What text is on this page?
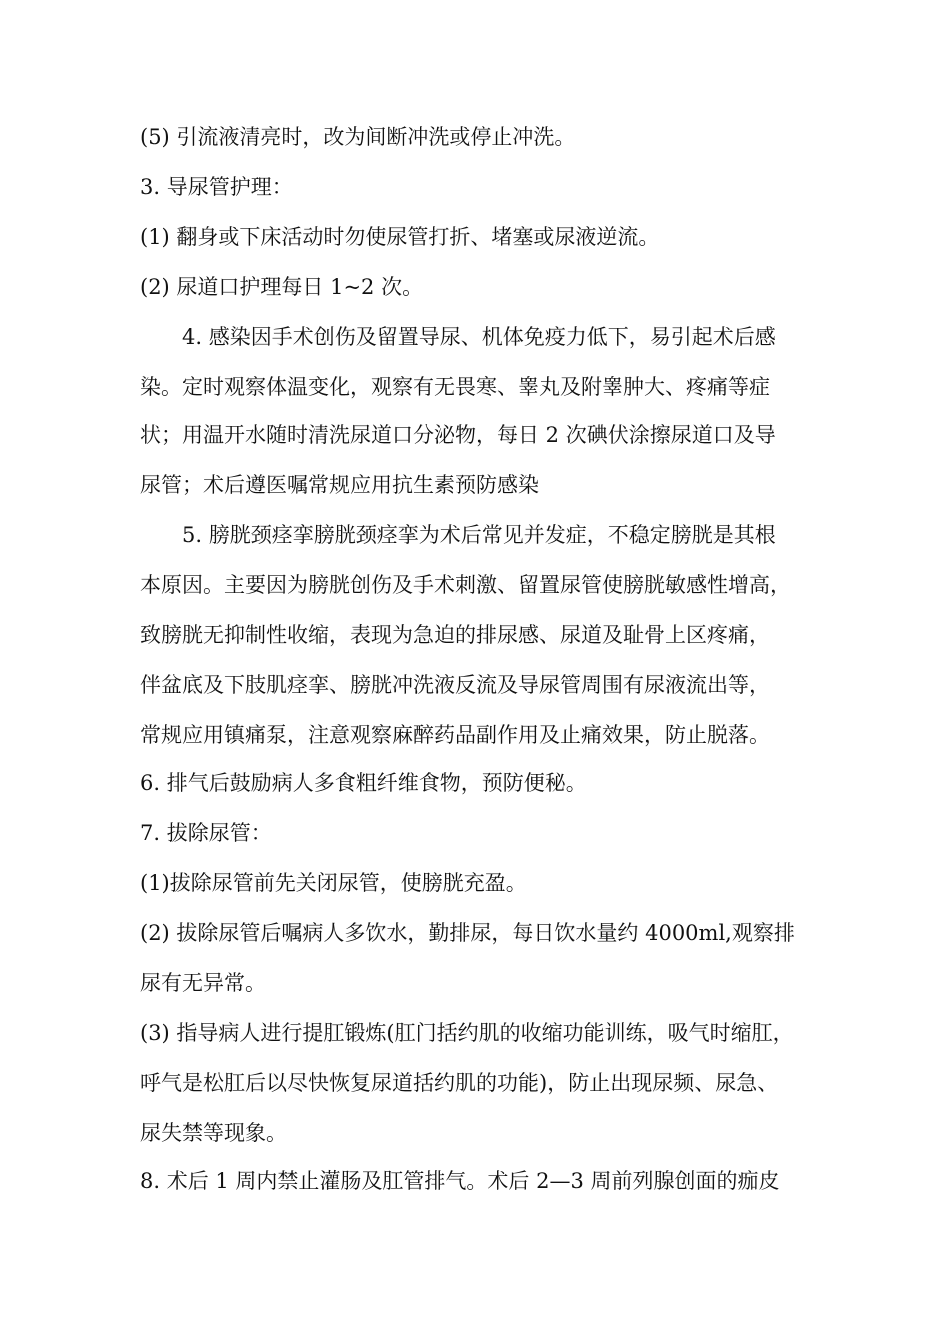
(5) 引流液清亮时，改为间断冲洗或停止冲洗。
3. 导尿管护理：
(1) 翻身或下床活动时勿使尿管打折、堵塞或尿液逆流。
(2) 尿道口护理每日 1~2 次。
4. 感染因手术创伤及留置导尿、机体免疫力低下，易引起术后感
染。定时观察体温变化，观察有无畏寒、睾丸及附睾肿大、疼痛等症
状；用温开水随时清洗尿道口分泌物，每日 2 次碘伏涂擦尿道口及导
尿管；术后遵医嘱常规应用抗生素预防感染
5. 膀胱颈痉挛膀胱颈痉挛为术后常见并发症，不稳定膀胱是其根
本原因。主要因为膀胱创伤及手术刺激、留置尿管使膀胱敏感性增高，
致膀胱无抑制性收缩，表现为急迫的排尿感、尿道及耻骨上区疼痛，
伴盆底及下肢肌痉挛、膀胱冲洗液反流及导尿管周围有尿液流出等，
常规应用镇痛泵，注意观察麻醉药品副作用及止痛效果，防止脱落。
6. 排气后鼓励病人多食粗纤维食物，预防便秘。
7. 拔除尿管：
(1)拔除尿管前先关闭尿管，使膀胱充盈。
(2) 拔除尿管后嘱病人多饮水，勤排尿，每日饮水量约 4000ml,观察排
尿有无异常。
(3) 指导病人进行提肛锻炼(肛门括约肌的收缩功能训练，吸气时缩肛，
呼气是松肛后以尽快恢复尿道括约肌的功能)，防止出现尿频、尿急、
尿失禁等现象。
8. 术后 1 周内禁止灌肠及肛管排气。术后 2—3 周前列腺创面的痂皮
